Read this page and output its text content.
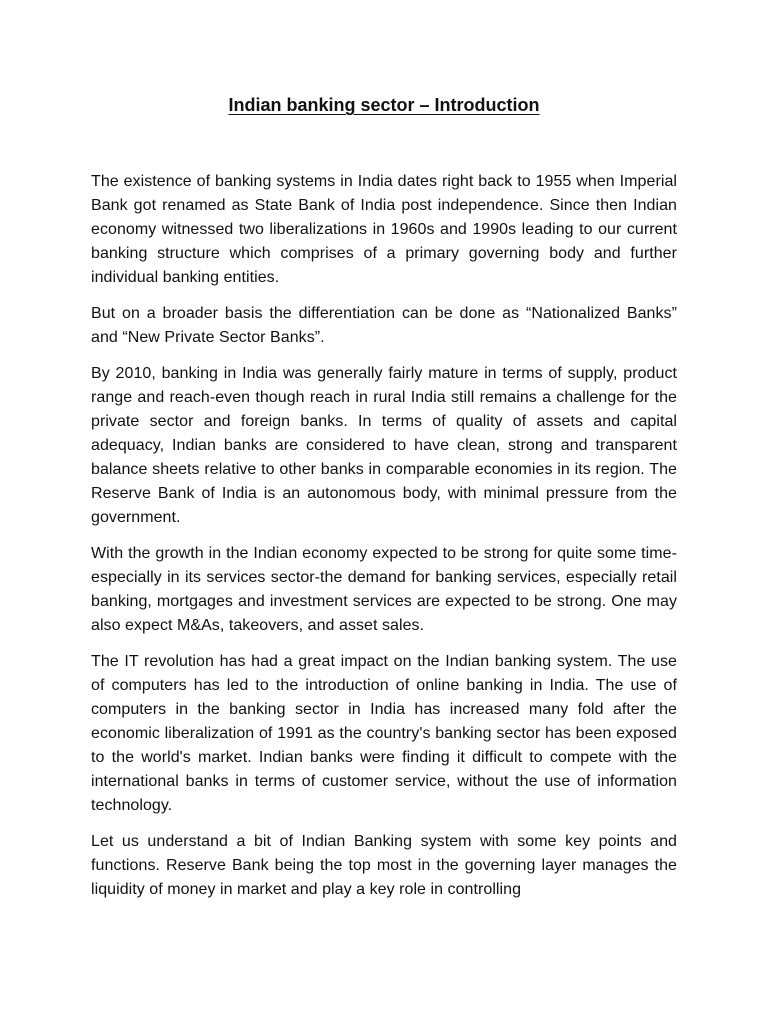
Indian banking sector – Introduction

The existence of banking systems in India dates right back to 1955 when Imperial Bank got renamed as State Bank of India post independence. Since then Indian economy witnessed two liberalizations in 1960s and 1990s leading to our current banking structure which comprises of a primary governing body and further individual banking entities.

But on a broader basis the differentiation can be done as “Nationalized Banks” and “New Private Sector Banks”.

By 2010, banking in India was generally fairly mature in terms of supply, product range and reach-even though reach in rural India still remains a challenge for the private sector and foreign banks. In terms of quality of assets and capital adequacy, Indian banks are considered to have clean, strong and transparent balance sheets relative to other banks in comparable economies in its region. The Reserve Bank of India is an autonomous body, with minimal pressure from the government.

With the growth in the Indian economy expected to be strong for quite some time-especially in its services sector-the demand for banking services, especially retail banking, mortgages and investment services are expected to be strong. One may also expect M&As, takeovers, and asset sales.

The IT revolution has had a great impact on the Indian banking system. The use of computers has led to the introduction of online banking in India. The use of computers in the banking sector in India has increased many fold after the economic liberalization of 1991 as the country's banking sector has been exposed to the world's market. Indian banks were finding it difficult to compete with the international banks in terms of customer service, without the use of information technology.

Let us understand a bit of Indian Banking system with some key points and functions. Reserve Bank being the top most in the governing layer manages the liquidity of money in market and play a key role in controlling
